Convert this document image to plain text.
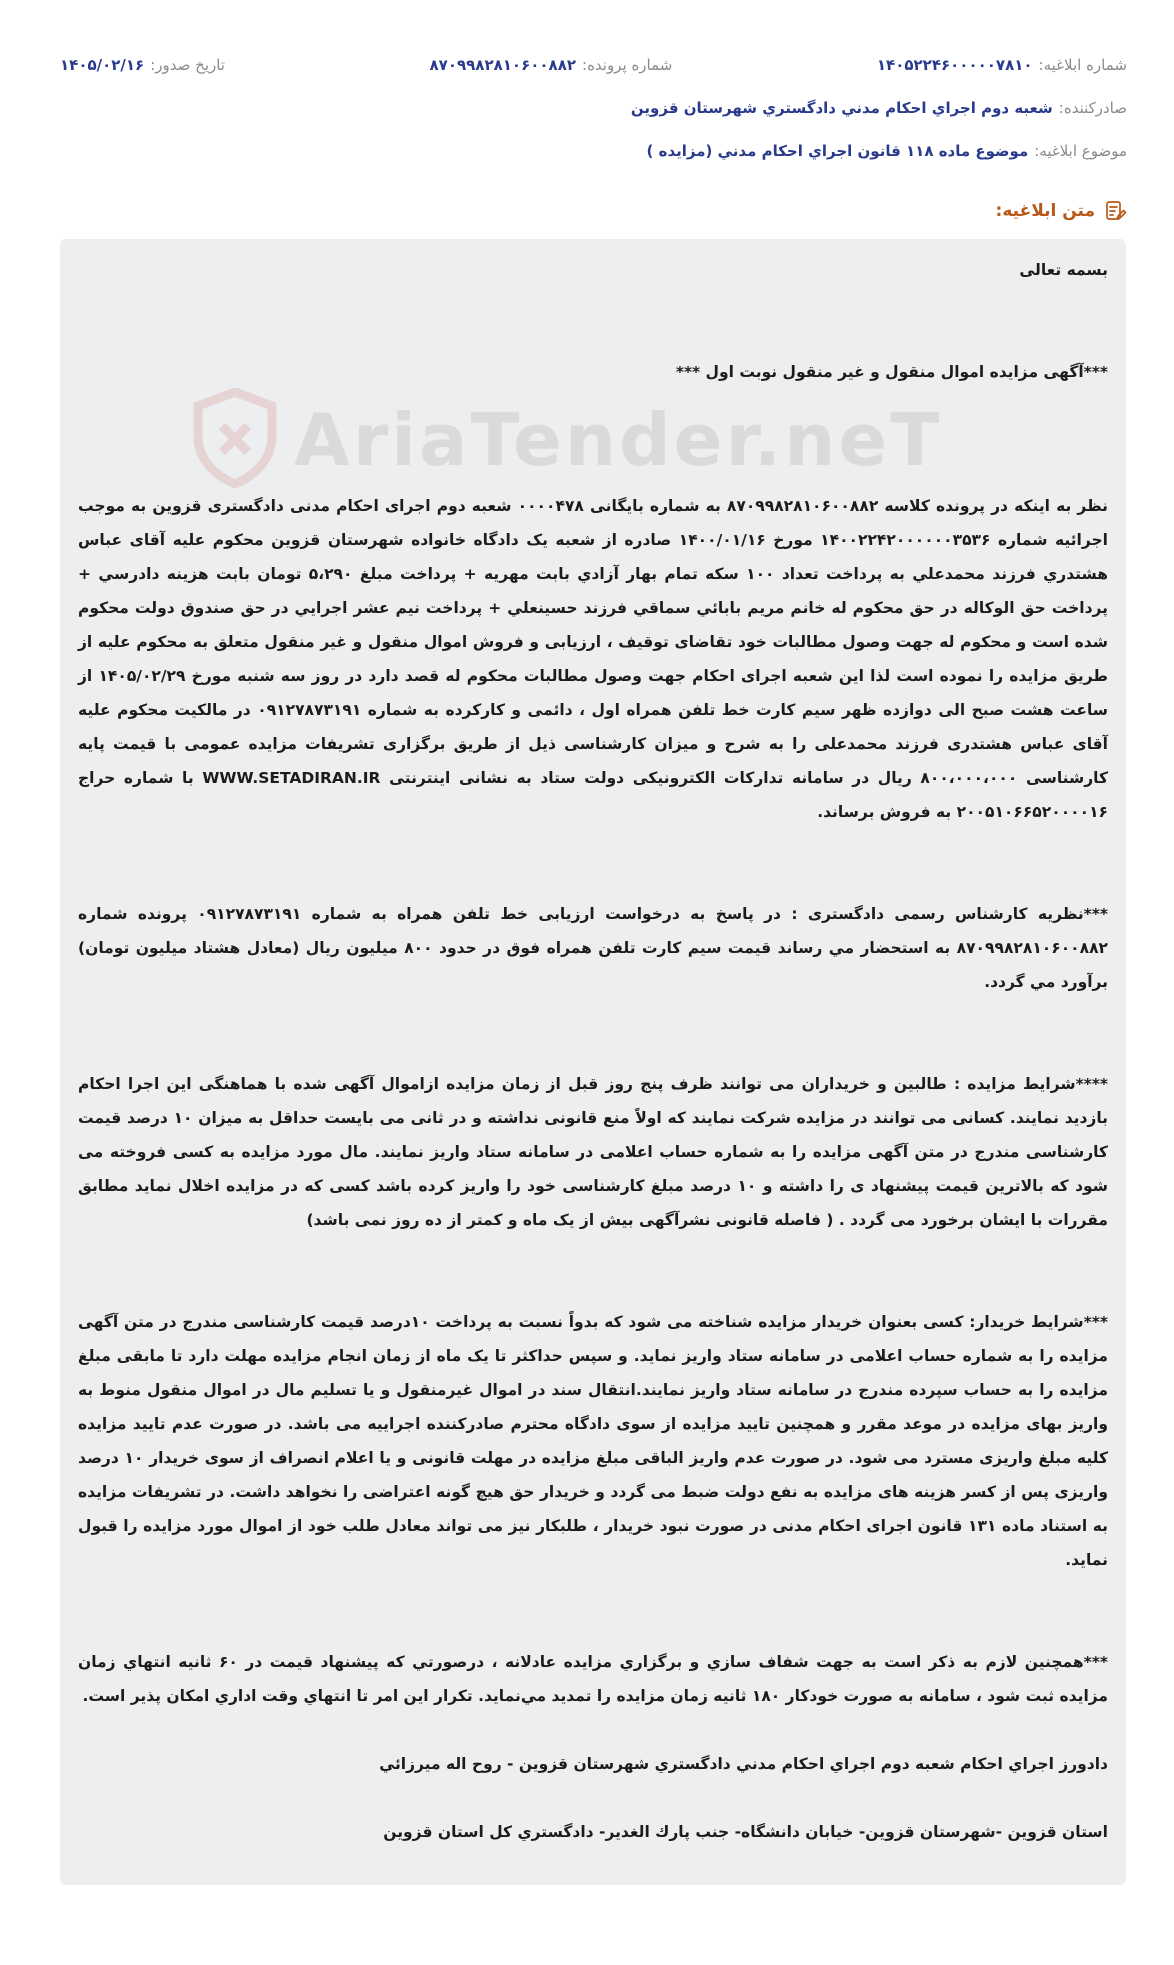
شماره ابلاغیه:
۱۴۰۵۲۲۴۶۰۰۰۰۰۷۸۱۰
شماره پرونده:
۸۷۰۹۹۸۲۸۱۰۶۰۰۸۸۲
تاریخ صدور:
۱۴۰۵/۰۲/۱۶
صادرکننده:
شعبه دوم اجراي احكام مدني دادگستري شهرستان قزوين
موضوع ابلاغیه:
موضوع ماده ۱۱۸ قانون اجراي احكام مدني (مزايده )
متن ابلاغیه:

بسمه تعالی

***آگهی مزایده اموال منقول و غیر منقول نوبت اول ***

نظر به اینکه در پرونده کلاسه ۸۷۰۹۹۸۲۸۱۰۶۰۰۸۸۲ به شماره بایگانی ۰۰۰۰۴۷۸ شعبه دوم اجرای احکام مدنی دادگستری قزوین به موجب اجرائیه شماره ۱۴۰۰۲۲۴۲۰۰۰۰۰۰۳۵۳۶ مورخ ۱۴۰۰/۰۱/۱۶ صادره از شعبه یک دادگاه خانواده شهرستان قزوین محکوم علیه آقای عباس هشتدري فرزند محمدعلي به پرداخت تعداد ۱۰۰ سكه تمام بهار آزادي بابت مهريه + پرداخت مبلغ ۵،۲۹۰ تومان بابت هزينه دادرسي + پرداخت حق الوكاله در حق محكوم له خانم مريم بابائي سماقي فرزند حسينعلي + پرداخت نيم عشر اجرايي در حق صندوق دولت محكوم شده است و محكوم له جهت وصول مطالبات خود تقاضای توقیف ، ارزیابی و فروش اموال منقول و غیر منقول متعلق به محکوم علیه از طریق مزایده را نموده است لذا این شعبه اجرای احکام جهت وصول مطالبات محکوم له قصد دارد در روز سه شنبه مورخ ۱۴۰۵/۰۲/۲۹ از ساعت هشت صبح الی دوازده ظهر سیم کارت خط تلفن همراه اول ، دائمی و کارکرده به شماره ۰۹۱۲۷۸۷۳۱۹۱ در مالکیت محکوم علیه آقای عباس هشتدری فرزند محمدعلی را به شرح و میزان کارشناسی ذیل از طریق برگزاری تشریفات مزایده عمومی با قیمت پایه کارشناسی ۸۰۰،۰۰۰،۰۰۰ ریال در سامانه تدارکات الکترونیکی دولت ستاد به نشانی اینترنتی WWW.SETADIRAN.IR با شماره حراج ۲۰۰۵۱۰۶۶۵۲۰۰۰۰۱۶ به فروش برساند.

***نظریه کارشناس رسمی دادگستری : در پاسخ به درخواست ارزیابی خط تلفن همراه به شماره ۰۹۱۲۷۸۷۳۱۹۱ پرونده شماره ۸۷۰۹۹۸۲۸۱۰۶۰۰۸۸۲ به استحضار مي رساند قيمت سيم كارت تلفن همراه فوق در حدود ۸۰۰ ميليون ريال (معادل هشتاد ميليون تومان) برآورد مي گردد.

****شرایط مزایده : طالبین و خریداران می توانند ظرف پنج روز قبل از زمان مزایده ازاموال آگهی شده با هماهنگی این اجرا احکام بازدید نمایند. کسانی می توانند در مزایده شرکت نمایند که اولاً منع قانونی نداشته و در ثانی می بایست حداقل به میزان ۱۰ درصد قیمت کارشناسی مندرج در متن آگهی مزایده را به شماره حساب اعلامی در سامانه ستاد واریز نمایند. مال مورد مزایده به کسی فروخته می شود که بالاترین قیمت پیشنهاد ی را داشته و ۱۰ درصد مبلغ کارشناسی خود را واریز کرده باشد کسی که در مزایده اخلال نماید مطابق مقررات با ایشان برخورد می گردد . ( فاصله قانونی نشرآگهی بیش از یک ماه و کمتر از ده روز نمی باشد)

***شرایط خریدار: کسی بعنوان خریدار مزایده شناخته می شود که بدواً نسبت به پرداخت ۱۰درصد قیمت کارشناسی مندرج در متن آگهی مزایده را به شماره حساب اعلامی در سامانه ستاد واریز نماید. و سپس حداکثر تا یک ماه از زمان انجام مزایده مهلت دارد تا مابقی مبلغ مزایده را به حساب سپرده مندرج در سامانه ستاد واریز نمایند.انتقال سند در اموال غیرمنقول و یا تسلیم مال در اموال منقول منوط به واریز بهای مزایده در موعد مقرر و همچنین تایید مزایده از سوی دادگاه محترم صادرکننده اجراییه می باشد. در صورت عدم تایید مزایده کلیه مبلغ واریزی مسترد می شود. در صورت عدم واریز الباقی مبلغ مزایده در مهلت قانونی و یا اعلام انصراف از سوی خریدار ۱۰ درصد واریزی پس از کسر هزینه های مزایده به نفع دولت ضبط می گردد و خریدار حق هیچ گونه اعتراضی را نخواهد داشت. در تشریفات مزایده به استناد ماده ۱۳۱ قانون اجرای احکام مدنی در صورت نبود خریدار ، طلبکار نیز می تواند معادل طلب خود از اموال مورد مزایده را قبول نماید.

***همچنین لازم به ذکر است به جهت شفاف سازي و برگزاري مزايده عادلانه ، درصورتي كه پيشنهاد قيمت در ۶۰ ثانيه انتهاي زمان مزايده ثبت شود ، سامانه به صورت خودكار ۱۸۰ ثانيه زمان مزايده را تمديد مي‌نمايد. تكرار اين امر تا انتهاي وقت اداري امكان پذير است.

دادورز اجراي احكام شعبه دوم اجراي احكام مدني دادگستري شهرستان قزوين - روح اله ميرزائي

استان قزوين -شهرستان قزوين- خيابان دانشگاه- جنب پارك الغدير- دادگستري كل استان قزوين
